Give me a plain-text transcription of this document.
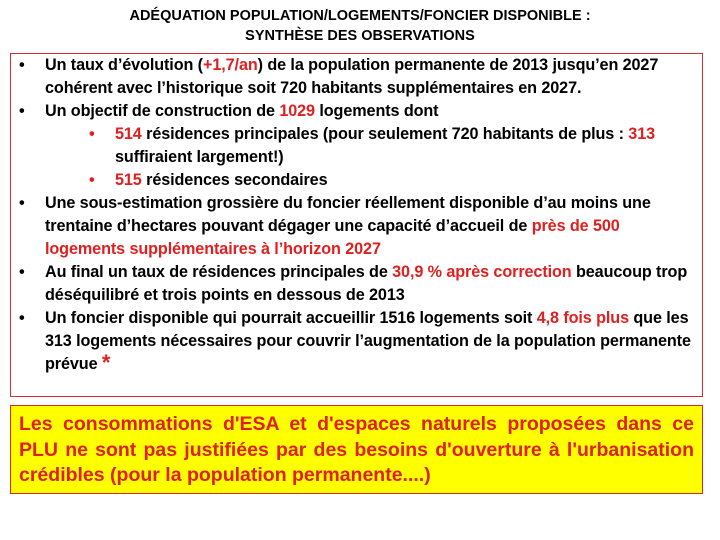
ADÉQUATION POPULATION/LOGEMENTS/FONCIER DISPONIBLE :
SYNTHÈSE DES OBSERVATIONS
• Un taux d’évolution (+1,7/an) de la population permanente de 2013 jusqu’en 2027 cohérent avec l’historique soit 720 habitants supplémentaires en 2027.
• Un objectif de construction de 1029 logements dont
• 514 résidences principales (pour seulement 720 habitants de plus : 313 suffiraient largement!)
• 515 résidences secondaires
• Une sous-estimation grossière du foncier réellement disponible d’au moins une trentaine d’hectares pouvant dégager une capacité d’accueil de près de 500 logements supplémentaires à l’horizon 2027
• Au final un taux de résidences principales de 30,9 % après correction beaucoup trop déséquilibré et trois points en dessous de 2013
• Un foncier disponible qui pourrait accueillir 1516 logements soit 4,8 fois plus que les 313 logements nécessaires pour couvrir l’augmentation de la population permanente prévue *
Les consommations d'ESA et d'espaces naturels proposées dans ce PLU ne sont pas justifiées par des besoins d'ouverture à l'urbanisation crédibles (pour la population permanente....)
